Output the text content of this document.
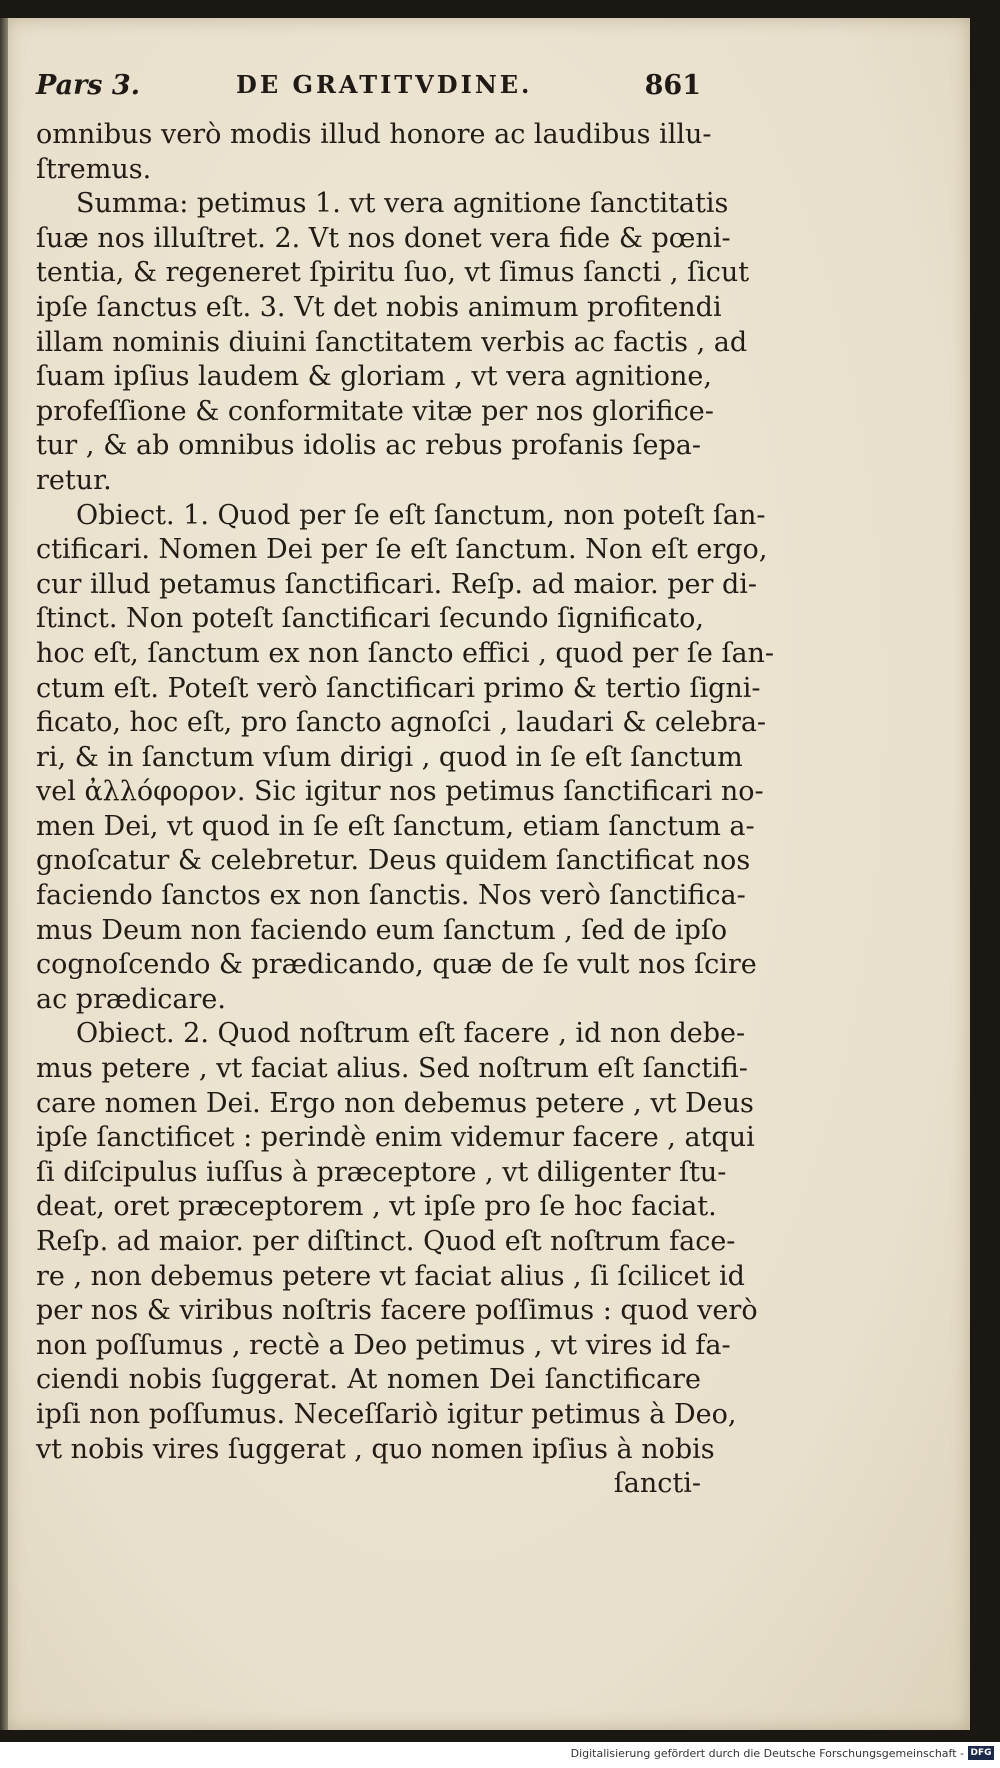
Pars 3.	DE GRATITVDINE.	861
omnibus verò modis illud honore ac laudibus illu-
ſtremus.
Summa: petimus 1. vt vera agnitione ſanctitatis
ſuæ nos illuſtret. 2. Vt nos donet vera fide & pœni-
tentia, & regeneret ſpiritu ſuo, vt ſimus ſancti , ſicut
ipſe ſanctus eſt. 3. Vt det nobis animum profitendi
illam nominis diuini ſanctitatem verbis ac factis , ad
ſuam ipſius laudem & gloriam , vt vera agnitione,
profeſſione & conformitate vitæ per nos glorifice-
tur , & ab omnibus idolis ac rebus profanis ſepa-
retur.
Obiect. 1. Quod per ſe eſt ſanctum, non poteſt ſan-
ctificari. Nomen Dei per ſe eſt ſanctum. Non eſt ergo,
cur illud petamus ſanctificari. Reſp. ad maior. per di-
ſtinct. Non poteſt ſanctificari ſecundo ſignificato,
hoc eſt, ſanctum ex non ſancto effici , quod per ſe ſan-
ctum eſt. Poteſt verò ſanctificari primo & tertio ſigni-
ficato, hoc eſt, pro ſancto agnoſci , laudari & celebra-
ri, & in ſanctum vſum dirigi , quod in ſe eſt ſanctum
vel ἀλλόφορον. Sic igitur nos petimus ſanctificari no-
men Dei, vt quod in ſe eſt ſanctum, etiam ſanctum a-
gnoſcatur & celebretur. Deus quidem ſanctificat nos
faciendo ſanctos ex non ſanctis. Nos verò ſanctifica-
mus Deum non faciendo eum ſanctum , ſed de ipſo
cognoſcendo & prædicando, quæ de ſe vult nos ſcire
ac prædicare.
Obiect. 2. Quod noſtrum eſt facere , id non debe-
mus petere , vt faciat alius. Sed noſtrum eſt ſanctifi-
care nomen Dei. Ergo non debemus petere , vt Deus
ipſe ſanctificet : perindè enim videmur facere , atqui
ſi diſcipulus iuſſus à præceptore , vt diligenter ſtu-
deat, oret præceptorem , vt ipſe pro ſe hoc faciat.
Reſp. ad maior. per diſtinct. Quod eſt noſtrum face-
re , non debemus petere vt faciat alius , ſi ſcilicet id
per nos & viribus noſtris facere poſſimus : quod verò
non poſſumus , rectè a Deo petimus , vt vires id fa-
ciendi nobis ſuggerat. At nomen Dei ſanctificare
ipſi non poſſumus. Neceſſariò igitur petimus à Deo,
vt nobis vires ſuggerat , quo nomen ipſius à nobis
ſancti-
Digitalisierung gefördert durch die Deutsche Forschungsgemeinschaft - DFG
